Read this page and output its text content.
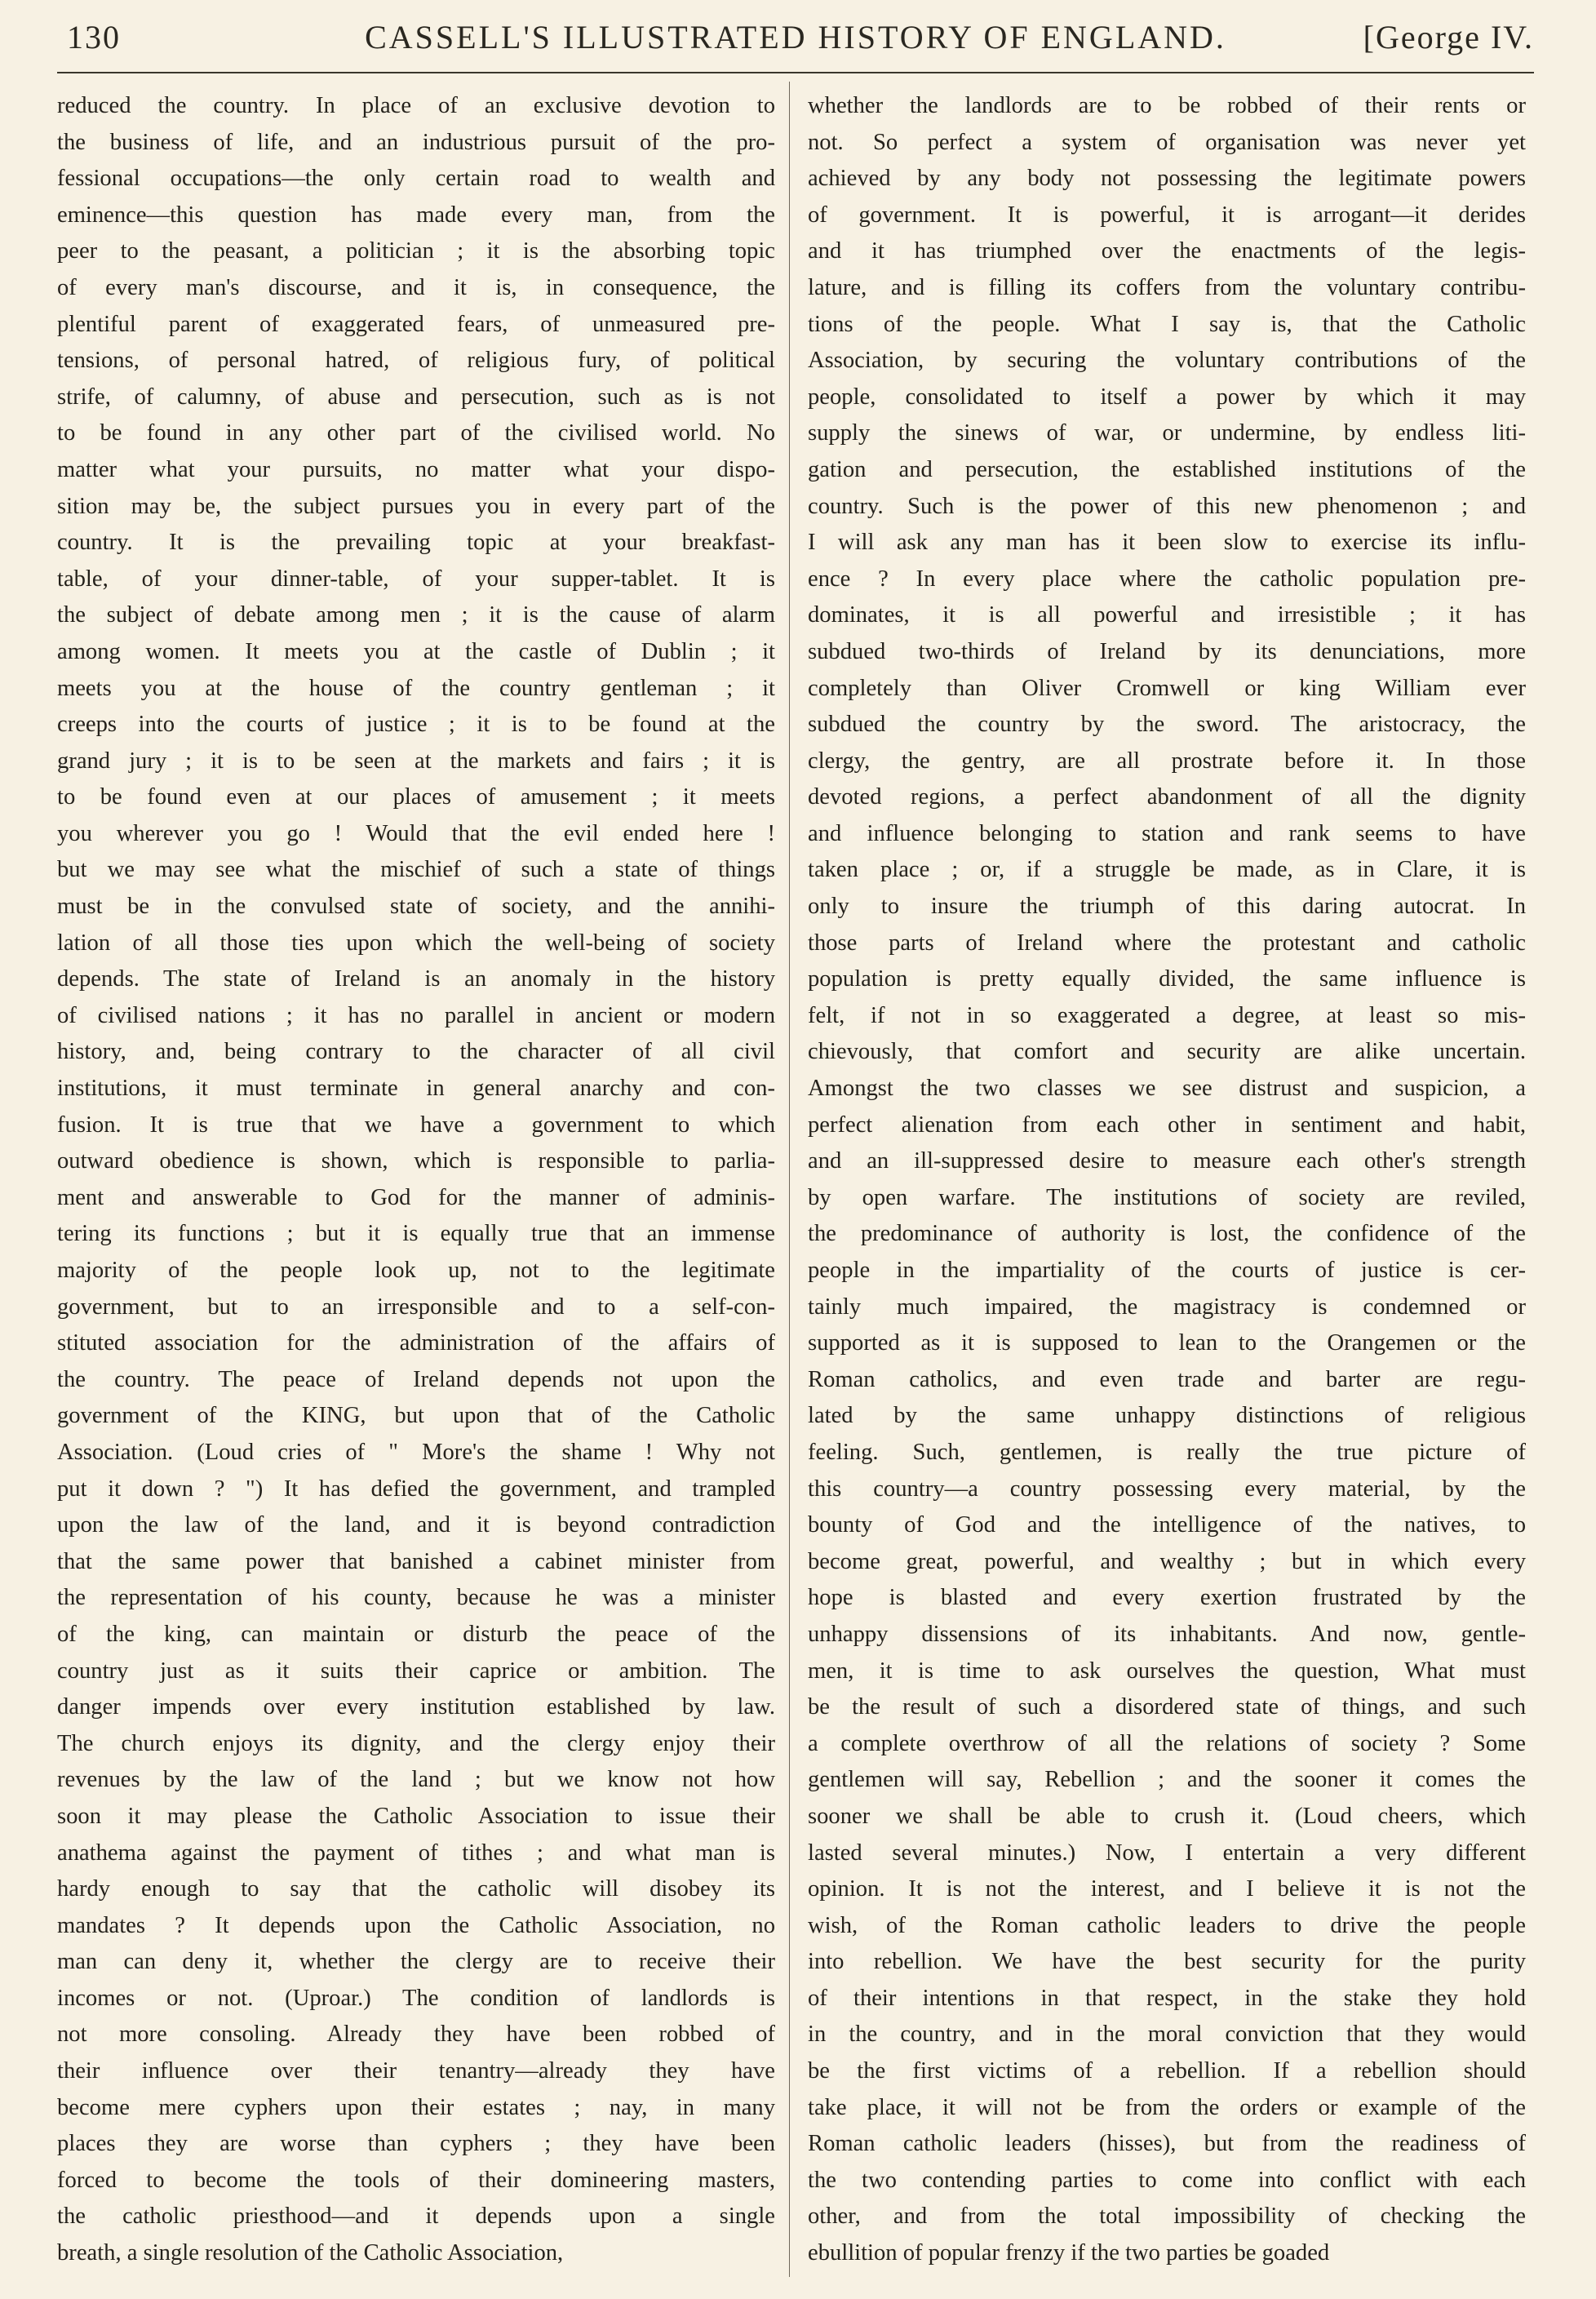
130	CASSELL'S ILLUSTRATED HISTORY OF ENGLAND.	[George IV.
reduced the country. In place of an exclusive devotion to
the business of life, and an industrious pursuit of the pro-
fessional occupations—the only certain road to wealth and
eminence—this question has made every man, from the
peer to the peasant, a politician ; it is the absorbing topic
of every man's discourse, and it is, in consequence, the
plentiful parent of exaggerated fears, of unmeasured pre-
tensions, of personal hatred, of religious fury, of political
strife, of calumny, of abuse and persecution, such as is not
to be found in any other part of the civilised world. No
matter what your pursuits, no matter what your dispo-
sition may be, the subject pursues you in every part of the
country. It is the prevailing topic at your breakfast-
table, of your dinner-table, of your supper-tablet. It is
the subject of debate among men ; it is the cause of alarm
among women. It meets you at the castle of Dublin ; it
meets you at the house of the country gentleman ; it
creeps into the courts of justice ; it is to be found at the
grand jury ; it is to be seen at the markets and fairs ; it is
to be found even at our places of amusement ; it meets
you wherever you go ! Would that the evil ended here !
but we may see what the mischief of such a state of things
must be in the convulsed state of society, and the annihi-
lation of all those ties upon which the well-being of society
depends. The state of Ireland is an anomaly in the history
of civilised nations ; it has no parallel in ancient or modern
history, and, being contrary to the character of all civil
institutions, it must terminate in general anarchy and con-
fusion. It is true that we have a government to which
outward obedience is shown, which is responsible to parlia-
ment and answerable to God for the manner of adminis-
tering its functions ; but it is equally true that an immense
majority of the people look up, not to the legitimate
government, but to an irresponsible and to a self-con-
stituted association for the administration of the affairs of
the country. The peace of Ireland depends not upon the
government of the KING, but upon that of the Catholic
Association. (Loud cries of " More's the shame ! Why not
put it down ? ") It has defied the government, and trampled
upon the law of the land, and it is beyond contradiction
that the same power that banished a cabinet minister from
the representation of his county, because he was a minister
of the king, can maintain or disturb the peace of the
country just as it suits their caprice or ambition. The
danger impends over every institution established by law.
The church enjoys its dignity, and the clergy enjoy their
revenues by the law of the land ; but we know not how
soon it may please the Catholic Association to issue their
anathema against the payment of tithes ; and what man is
hardy enough to say that the catholic will disobey its
mandates ? It depends upon the Catholic Association, no
man can deny it, whether the clergy are to receive their
incomes or not. (Uproar.) The condition of landlords is
not more consoling. Already they have been robbed of
their influence over their tenantry—already they have
become mere cyphers upon their estates ; nay, in many
places they are worse than cyphers ; they have been
forced to become the tools of their domineering masters,
the catholic priesthood—and it depends upon a single
breath, a single resolution of the Catholic Association,
whether the landlords are to be robbed of their rents or
not. So perfect a system of organisation was never yet
achieved by any body not possessing the legitimate powers
of government. It is powerful, it is arrogant—it derides
and it has triumphed over the enactments of the legis-
lature, and is filling its coffers from the voluntary contribu-
tions of the people. What I say is, that the Catholic
Association, by securing the voluntary contributions of the
people, consolidated to itself a power by which it may
supply the sinews of war, or undermine, by endless liti-
gation and persecution, the established institutions of the
country. Such is the power of this new phenomenon ; and
I will ask any man has it been slow to exercise its influ-
ence ? In every place where the catholic population pre-
dominates, it is all powerful and irresistible ; it has
subdued two-thirds of Ireland by its denunciations, more
completely than Oliver Cromwell or king William ever
subdued the country by the sword. The aristocracy, the
clergy, the gentry, are all prostrate before it. In those
devoted regions, a perfect abandonment of all the dignity
and influence belonging to station and rank seems to have
taken place ; or, if a struggle be made, as in Clare, it is
only to insure the triumph of this daring autocrat. In
those parts of Ireland where the protestant and catholic
population is pretty equally divided, the same influence is
felt, if not in so exaggerated a degree, at least so mis-
chievously, that comfort and security are alike uncertain.
Amongst the two classes we see distrust and suspicion, a
perfect alienation from each other in sentiment and habit,
and an ill-suppressed desire to measure each other's strength
by open warfare. The institutions of society are reviled,
the predominance of authority is lost, the confidence of the
people in the impartiality of the courts of justice is cer-
tainly much impaired, the magistracy is condemned or
supported as it is supposed to lean to the Orangemen or the
Roman catholics, and even trade and barter are regu-
lated by the same unhappy distinctions of religious
feeling. Such, gentlemen, is really the true picture of
this country—a country possessing every material, by the
bounty of God and the intelligence of the natives, to
become great, powerful, and wealthy ; but in which every
hope is blasted and every exertion frustrated by the
unhappy dissensions of its inhabitants. And now, gentle-
men, it is time to ask ourselves the question, What must
be the result of such a disordered state of things, and such
a complete overthrow of all the relations of society ? Some
gentlemen will say, Rebellion ; and the sooner it comes the
sooner we shall be able to crush it. (Loud cheers, which
lasted several minutes.) Now, I entertain a very different
opinion. It is not the interest, and I believe it is not the
wish, of the Roman catholic leaders to drive the people
into rebellion. We have the best security for the purity
of their intentions in that respect, in the stake they hold
in the country, and in the moral conviction that they would
be the first victims of a rebellion. If a rebellion should
take place, it will not be from the orders or example of the
Roman catholic leaders (hisses), but from the readiness of
the two contending parties to come into conflict with each
other, and from the total impossibility of checking the
ebullition of popular frenzy if the two parties be goaded
